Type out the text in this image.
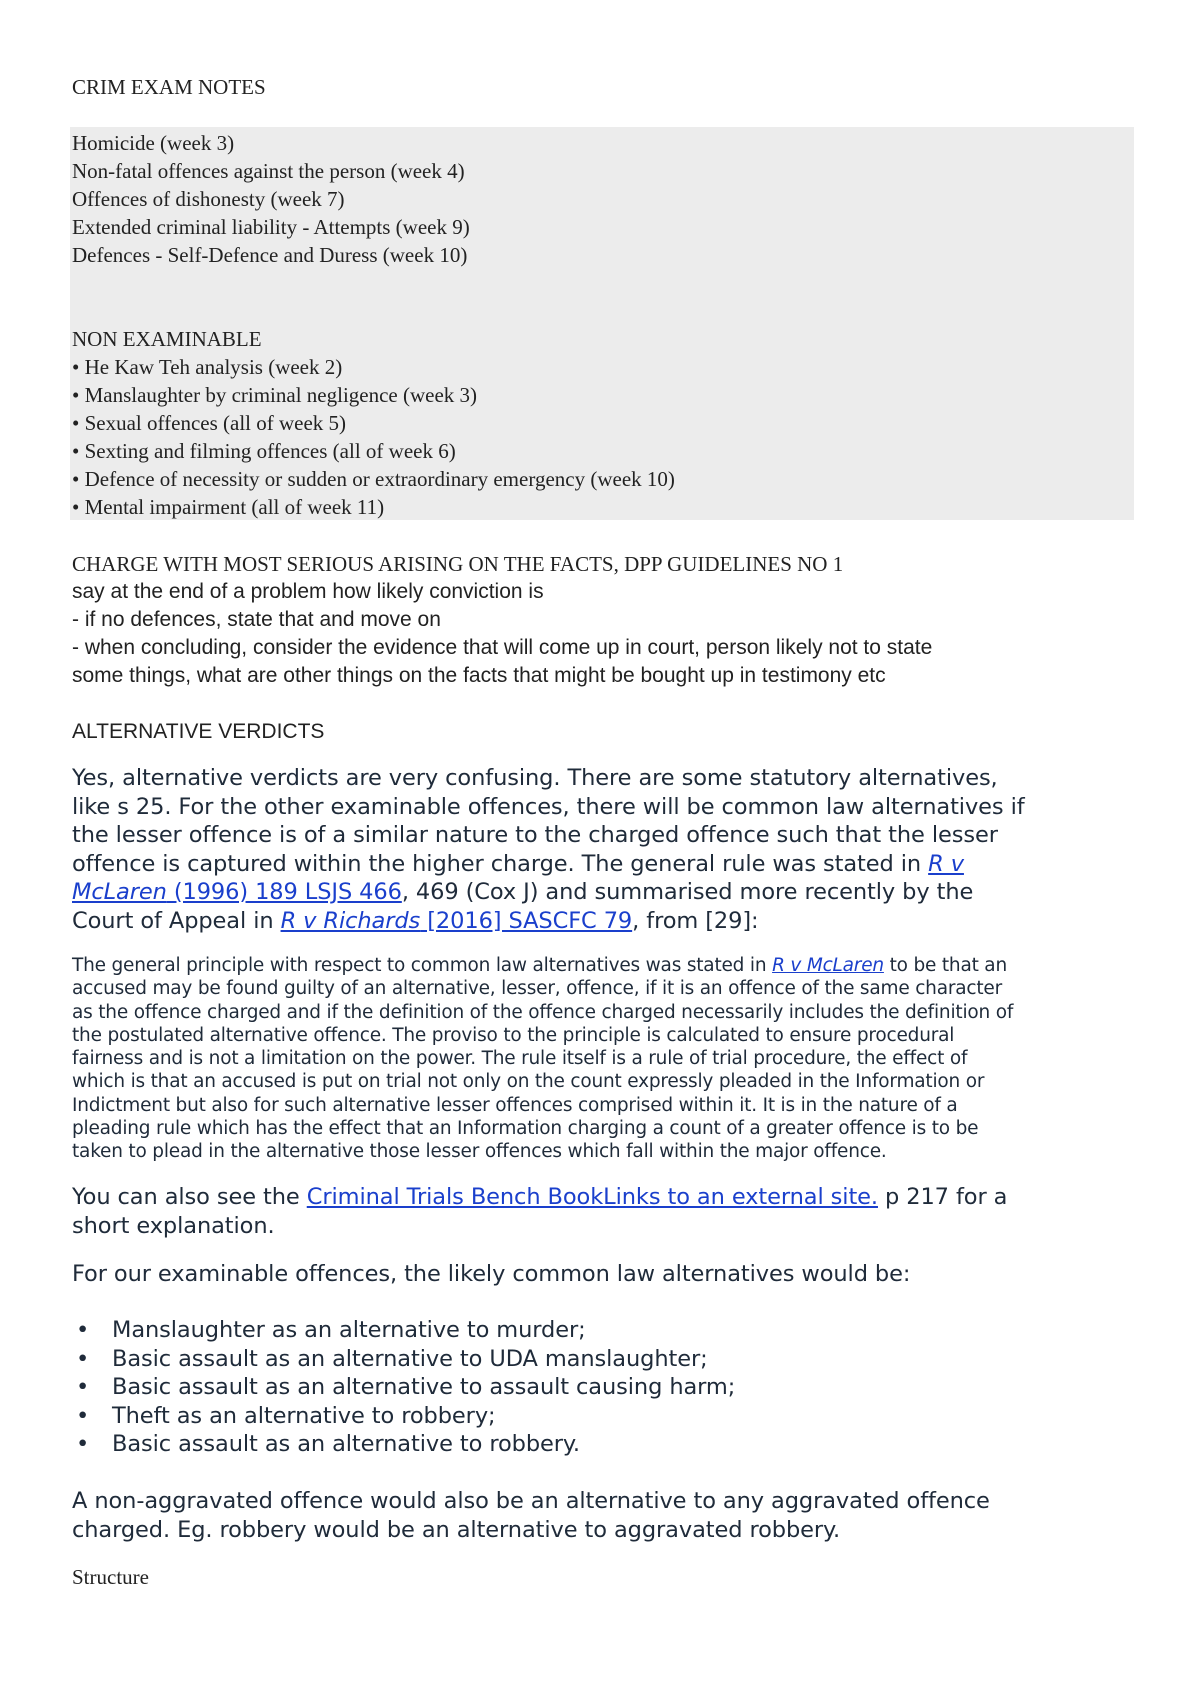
CRIM EXAM NOTES
Homicide (week 3)
Non-fatal offences against the person (week 4)
Offences of dishonesty (week 7)
Extended criminal liability - Attempts (week 9)
Defences - Self-Defence and Duress (week 10)
NON EXAMINABLE
• He Kaw Teh analysis (week 2)
• Manslaughter by criminal negligence (week 3)
• Sexual offences (all of week 5)
• Sexting and filming offences (all of week 6)
• Defence of necessity or sudden or extraordinary emergency (week 10)
• Mental impairment (all of week 11)
CHARGE WITH MOST SERIOUS ARISING ON THE FACTS, DPP GUIDELINES NO 1
say at the end of a problem how likely conviction is
- if no defences, state that and move on
- when concluding, consider the evidence that will come up in court, person likely not to state
some things, what are other things on the facts that might be bought up in testimony etc
ALTERNATIVE VERDICTS
Yes, alternative verdicts are very confusing. There are some statutory alternatives,
like s 25. For the other examinable offences, there will be common law alternatives if
the lesser offence is of a similar nature to the charged offence such that the lesser
offence is captured within the higher charge. The general rule was stated in R v
McLaren (1996) 189 LSJS 466, 469 (Cox J) and summarised more recently by the
Court of Appeal in R v Richards [2016] SASCFC 79, from [29]:
The general principle with respect to common law alternatives was stated in R v McLaren to be that an
accused may be found guilty of an alternative, lesser, offence, if it is an offence of the same character
as the offence charged and if the definition of the offence charged necessarily includes the definition of
the postulated alternative offence. The proviso to the principle is calculated to ensure procedural
fairness and is not a limitation on the power. The rule itself is a rule of trial procedure, the effect of
which is that an accused is put on trial not only on the count expressly pleaded in the Information or
Indictment but also for such alternative lesser offences comprised within it. It is in the nature of a
pleading rule which has the effect that an Information charging a count of a greater offence is to be
taken to plead in the alternative those lesser offences which fall within the major offence.
You can also see the Criminal Trials Bench BookLinks to an external site. p 217 for a
short explanation.
For our examinable offences, the likely common law alternatives would be:
• Manslaughter as an alternative to murder;
• Basic assault as an alternative to UDA manslaughter;
• Basic assault as an alternative to assault causing harm;
• Theft as an alternative to robbery;
• Basic assault as an alternative to robbery.
A non-aggravated offence would also be an alternative to any aggravated offence
charged. Eg. robbery would be an alternative to aggravated robbery.
Structure
